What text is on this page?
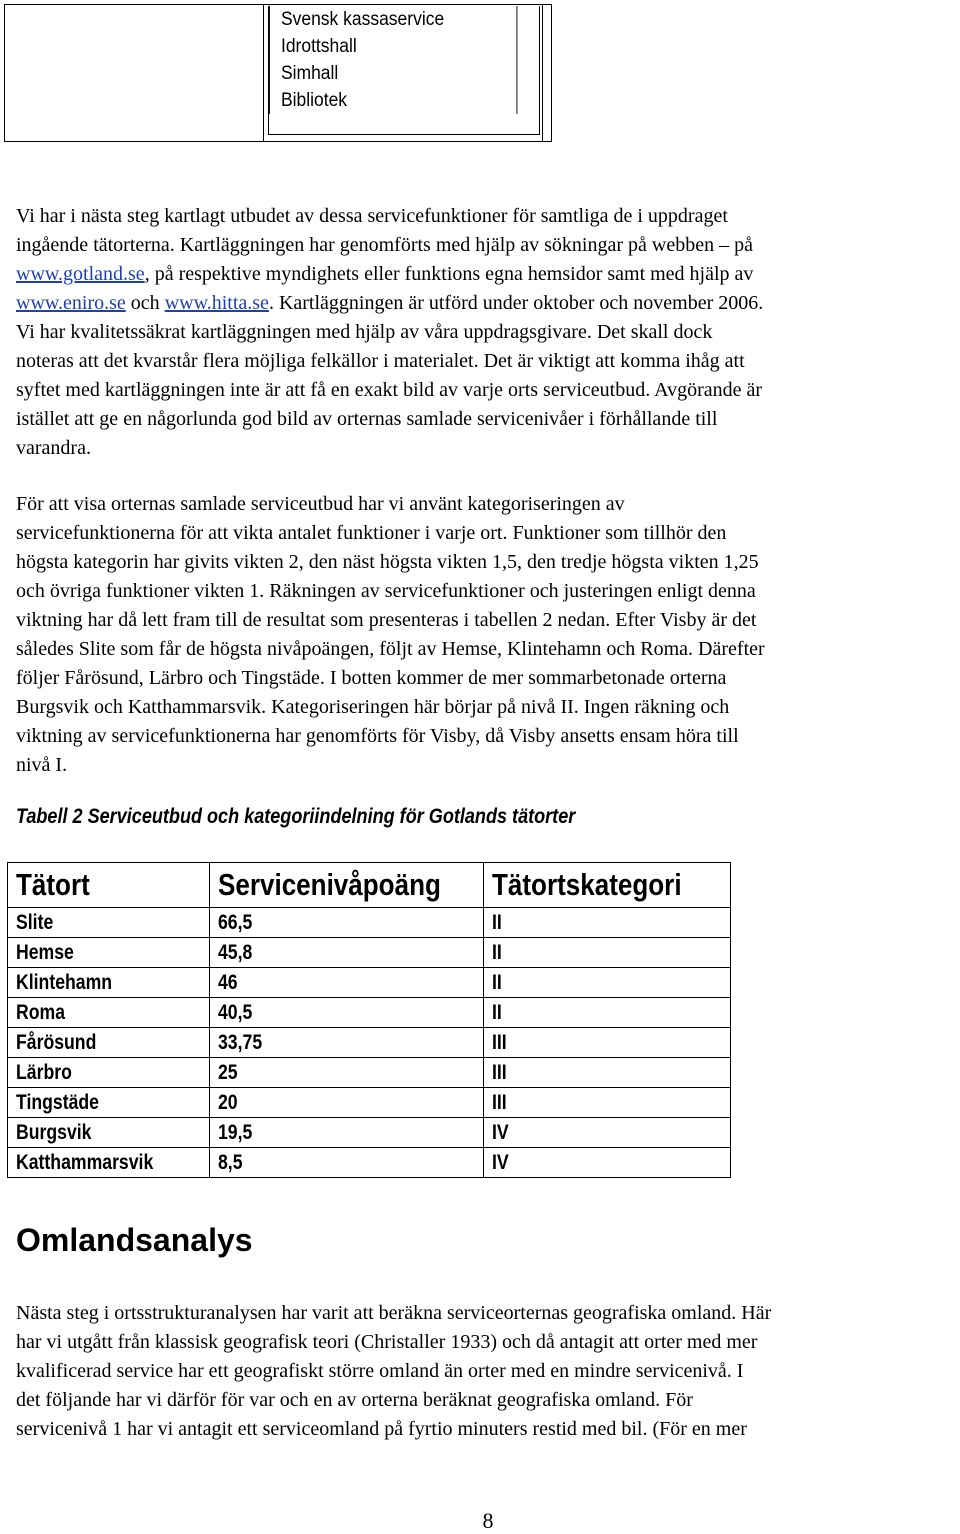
Svensk kassaservice
Idrottshall
Simhall
Bibliotek
Vi har i nästa steg kartlagt utbudet av dessa servicefunktioner för samtliga de i uppdraget
ingående tätorterna. Kartläggningen har genomförts med hjälp av sökningar på webben – på
www.gotland.se, på respektive myndighets eller funktions egna hemsidor samt med hjälp av
www.eniro.se och www.hitta.se. Kartläggningen är utförd under oktober och november 2006.
Vi har kvalitetssäkrat kartläggningen med hjälp av våra uppdragsgivare. Det skall dock
noteras att det kvarstår flera möjliga felkällor i materialet. Det är viktigt att komma ihåg att
syftet med kartläggningen inte är att få en exakt bild av varje orts serviceutbud. Avgörande är
istället att ge en någorlunda god bild av orternas samlade servicenivåer i förhållande till
varandra.
För att visa orternas samlade serviceutbud har vi använt kategoriseringen av
servicefunktionerna för att vikta antalet funktioner i varje ort. Funktioner som tillhör den
högsta kategorin har givits vikten 2, den näst högsta vikten 1,5, den tredje högsta vikten 1,25
och övriga funktioner vikten 1. Räkningen av servicefunktioner och justeringen enligt denna
viktning har då lett fram till de resultat som presenteras i tabellen 2 nedan. Efter Visby är det
således Slite som får de högsta nivåpoängen, följt av Hemse, Klintehamn och Roma. Därefter
följer Fårösund, Lärbro och Tingstäde. I botten kommer de mer sommarbetonade orterna
Burgsvik och Katthammarsvik. Kategoriseringen här börjar på nivå II. Ingen räkning och
viktning av servicefunktionerna har genomförts för Visby, då Visby ansetts ensam höra till
nivå I.
Tabell 2 Serviceutbud och kategoriindelning för Gotlands tätorter
Tätort	Servicenivåpoäng	Tätortskategori
Slite	66,5	II
Hemse	45,8	II
Klintehamn	46	II
Roma	40,5	II
Fårösund	33,75	III
Lärbro	25	III
Tingstäde	20	III
Burgsvik	19,5	IV
Katthammarsvik	8,5	IV
Omlandsanalys
Nästa steg i ortsstrukturanalysen har varit att beräkna serviceorternas geografiska omland. Här
har vi utgått från klassisk geografisk teori (Christaller 1933) och då antagit att orter med mer
kvalificerad service har ett geografiskt större omland än orter med en mindre servicenivå. I
det följande har vi därför för var och en av orterna beräknat geografiska omland. För
servicenivå 1 har vi antagit ett serviceomland på fyrtio minuters restid med bil. (För en mer
8
